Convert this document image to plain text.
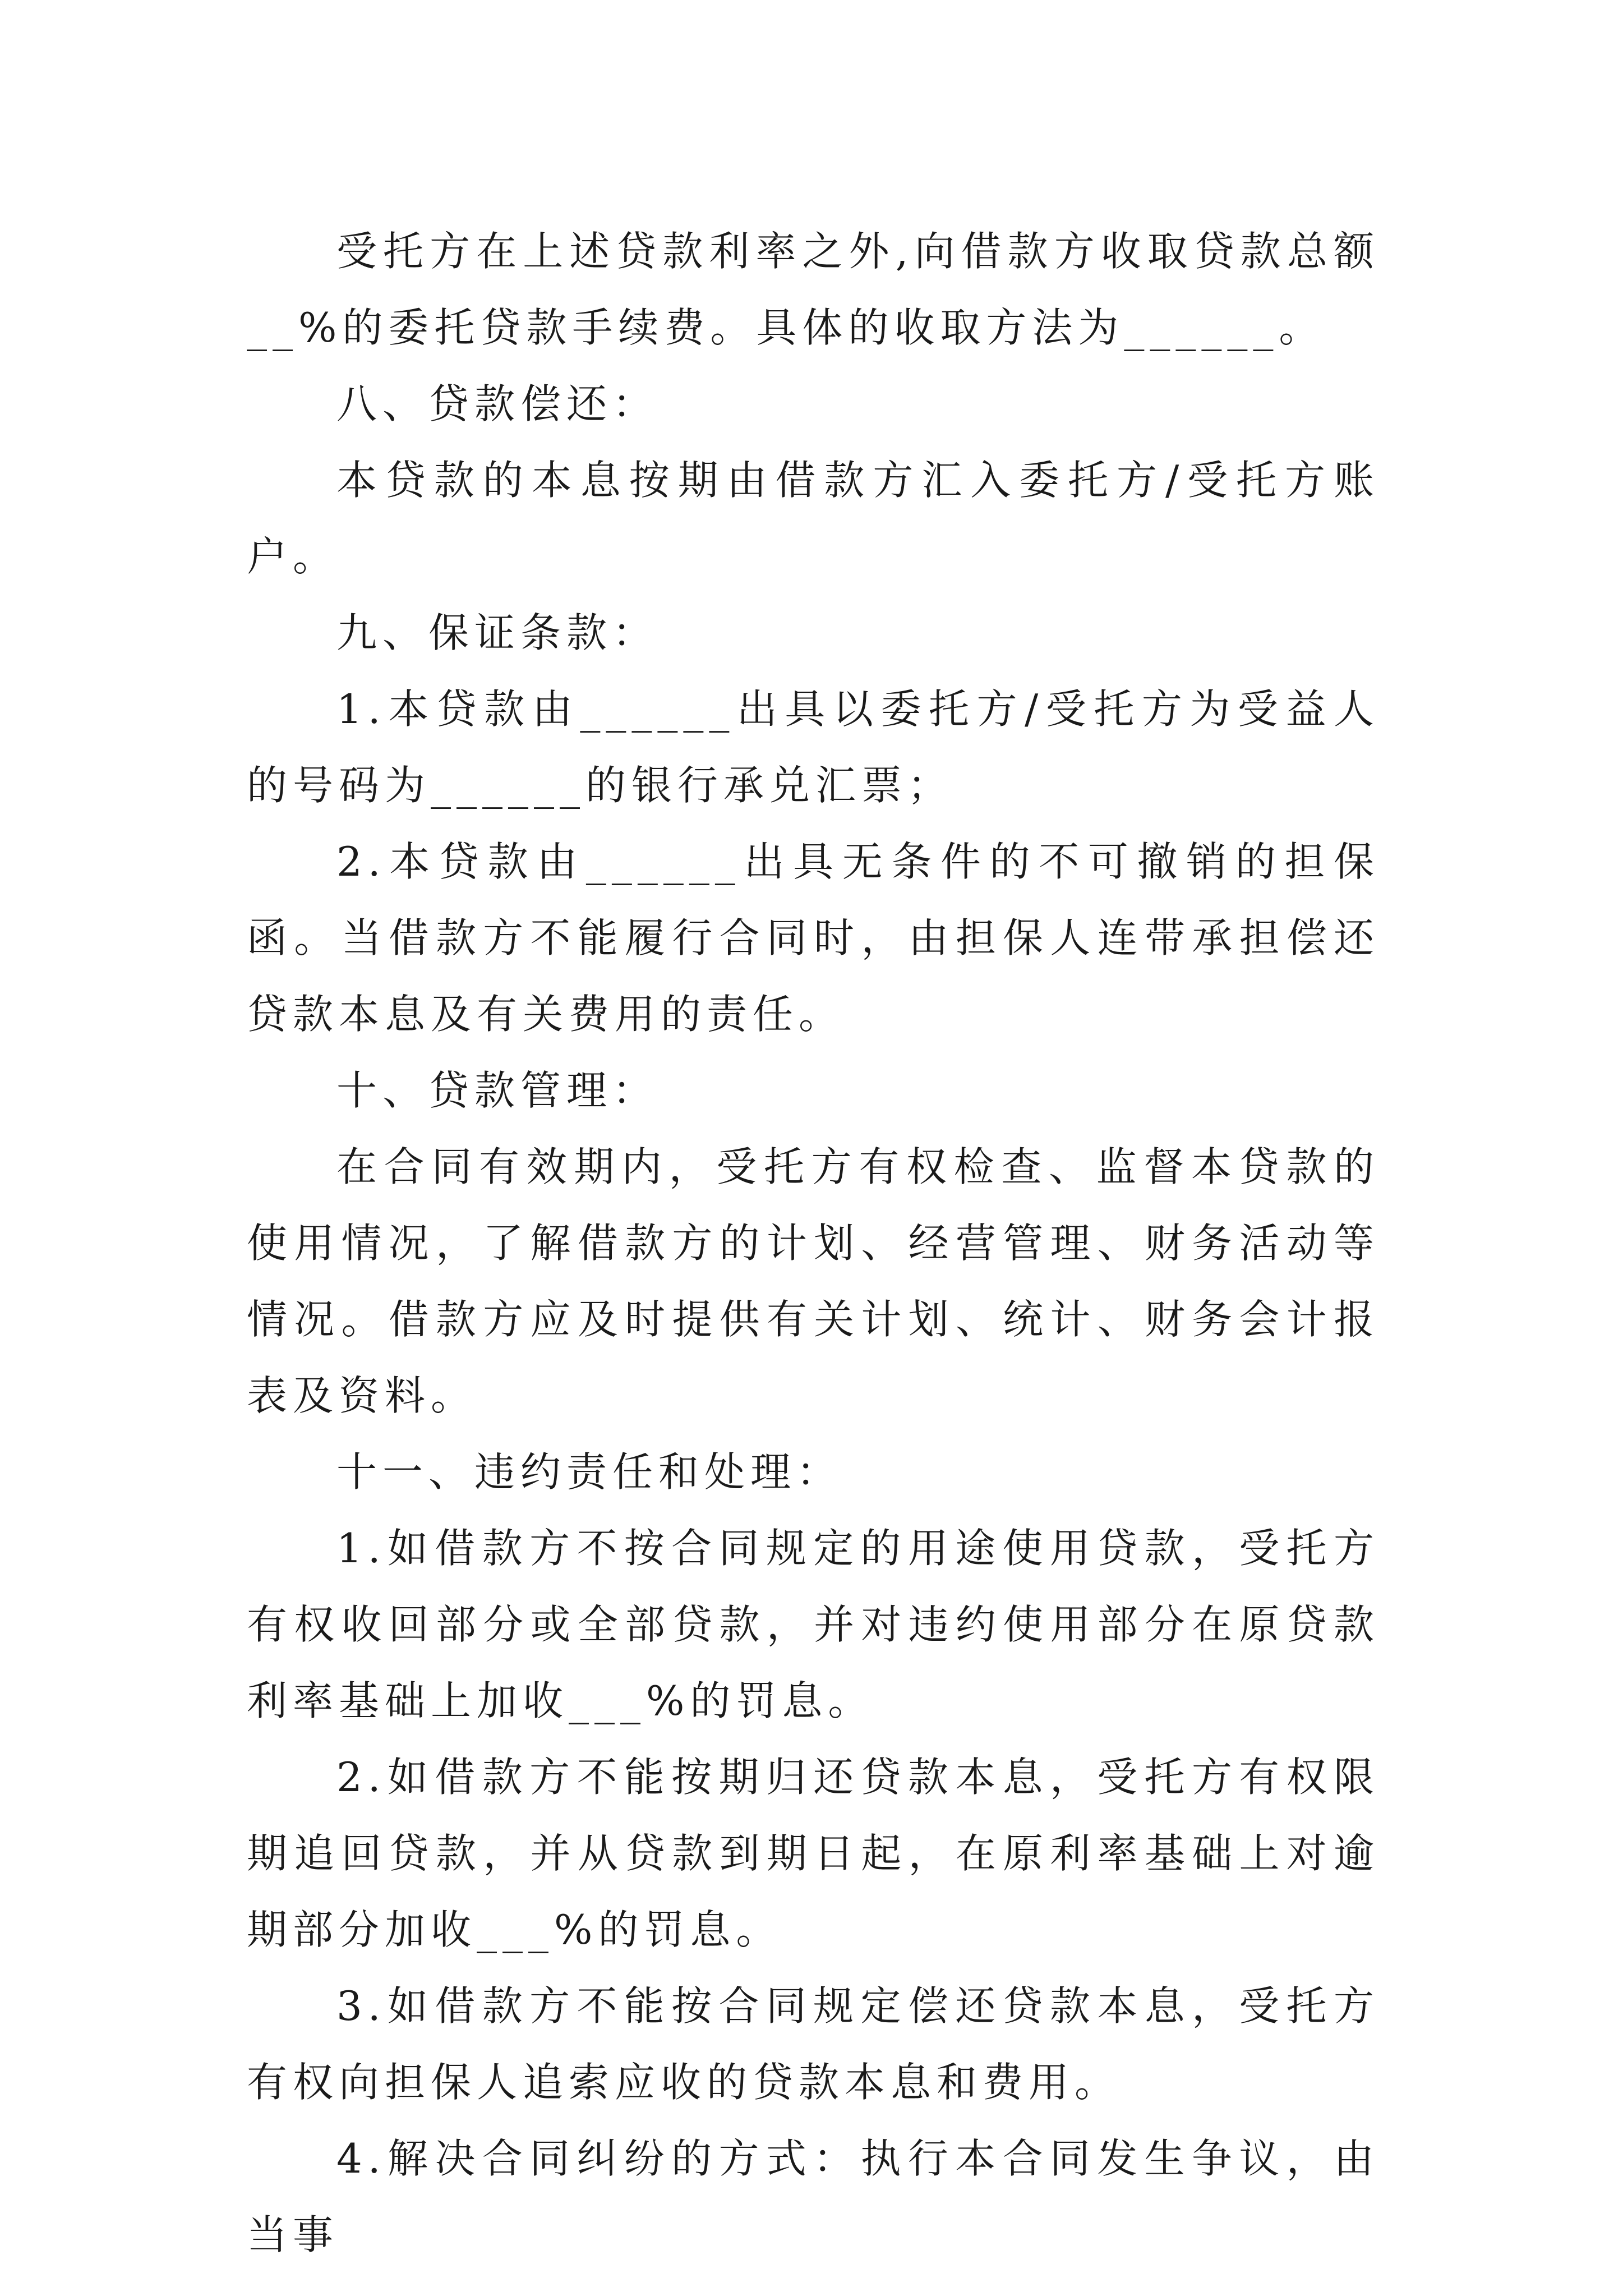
受托方在上述贷款利率之外,向借款方收取贷款总额__%的委托贷款手续费。具体的收取方法为______。

八、贷款偿还：

本贷款的本息按期由借款方汇入委托方/受托方账户。

九、保证条款：

1.本贷款由______出具以委托方/受托方为受益人的号码为______的银行承兑汇票；

2.本贷款由______出具无条件的不可撤销的担保函。当借款方不能履行合同时，由担保人连带承担偿还贷款本息及有关费用的责任。

十、贷款管理：

在合同有效期内，受托方有权检查、监督本贷款的使用情况，了解借款方的计划、经营管理、财务活动等情况。借款方应及时提供有关计划、统计、财务会计报表及资料。

十一、违约责任和处理：

1.如借款方不按合同规定的用途使用贷款，受托方有权收回部分或全部贷款，并对违约使用部分在原贷款利率基础上加收___%的罚息。

2.如借款方不能按期归还贷款本息，受托方有权限期追回贷款，并从贷款到期日起，在原利率基础上对逾期部分加收___%的罚息。

3.如借款方不能按合同规定偿还贷款本息，受托方有权向担保人追索应收的贷款本息和费用。

4.解决合同纠纷的方式：执行本合同发生争议，由当事
